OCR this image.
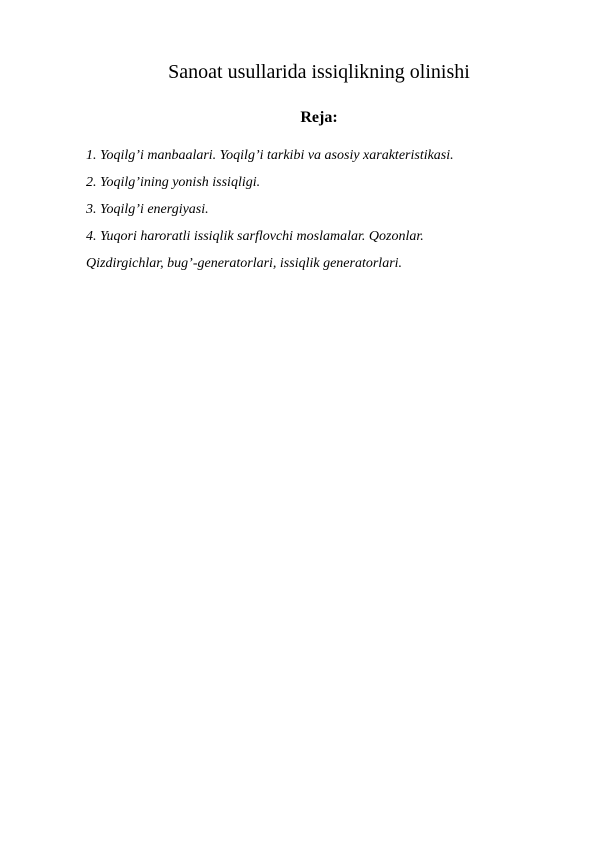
Sanoat usullarida issiqlikning olinishi
Reja:
1. Yoqilg’i manbaalari. Yoqilg’i tarkibi va asosiy xarakteristikasi.
2. Yoqilg’ining yonish issiqligi.
3. Yoqilg’i energiyasi.
4. Yuqori haroratli issiqlik sarflovchi moslamalar. Qozonlar.
Qizdirgichlar, bug’-generatorlari, issiqlik generatorlari.
